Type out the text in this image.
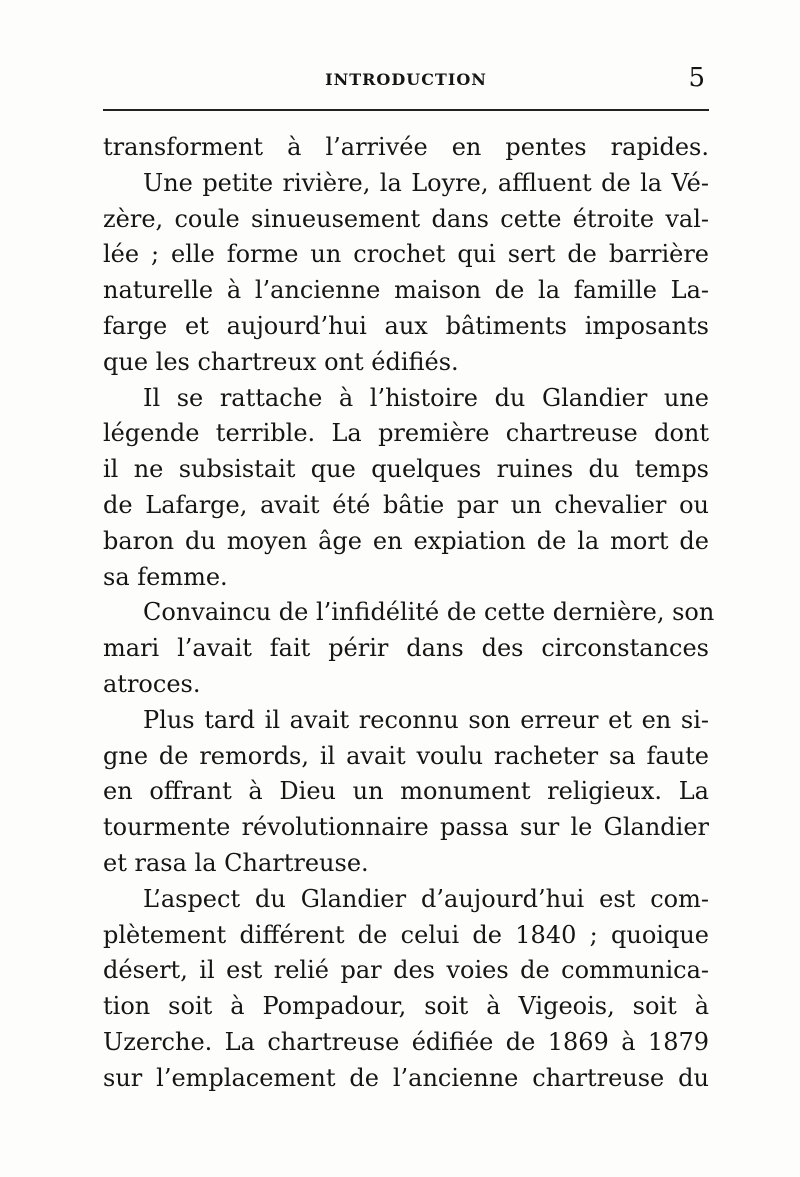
INTRODUCTION	5
transforment à l’arrivée en pentes rapides.
Une petite rivière, la Loyre, affluent de la Vé-
zère, coule sinueusement dans cette étroite val-
lée ; elle forme un crochet qui sert de barrière
naturelle à l’ancienne maison de la famille La-
farge et aujourd’hui aux bâtiments imposants
que les chartreux ont édifiés.
Il se rattache à l’histoire du Glandier une
légende terrible. La première chartreuse dont
il ne subsistait que quelques ruines du temps
de Lafarge, avait été bâtie par un chevalier ou
baron du moyen âge en expiation de la mort de
sa femme.
Convaincu de l’infidélité de cette dernière, son
mari l’avait fait périr dans des circonstances
atroces.
Plus tard il avait reconnu son erreur et en si-
gne de remords, il avait voulu racheter sa faute
en offrant à Dieu un monument religieux. La
tourmente révolutionnaire passa sur le Glandier
et rasa la Chartreuse.
L’aspect du Glandier d’aujourd’hui est com-
plètement différent de celui de 1840 ; quoique
désert, il est relié par des voies de communica-
tion soit à Pompadour, soit à Vigeois, soit à
Uzerche. La chartreuse édifiée de 1869 à 1879
sur l’emplacement de l’ancienne chartreuse du
